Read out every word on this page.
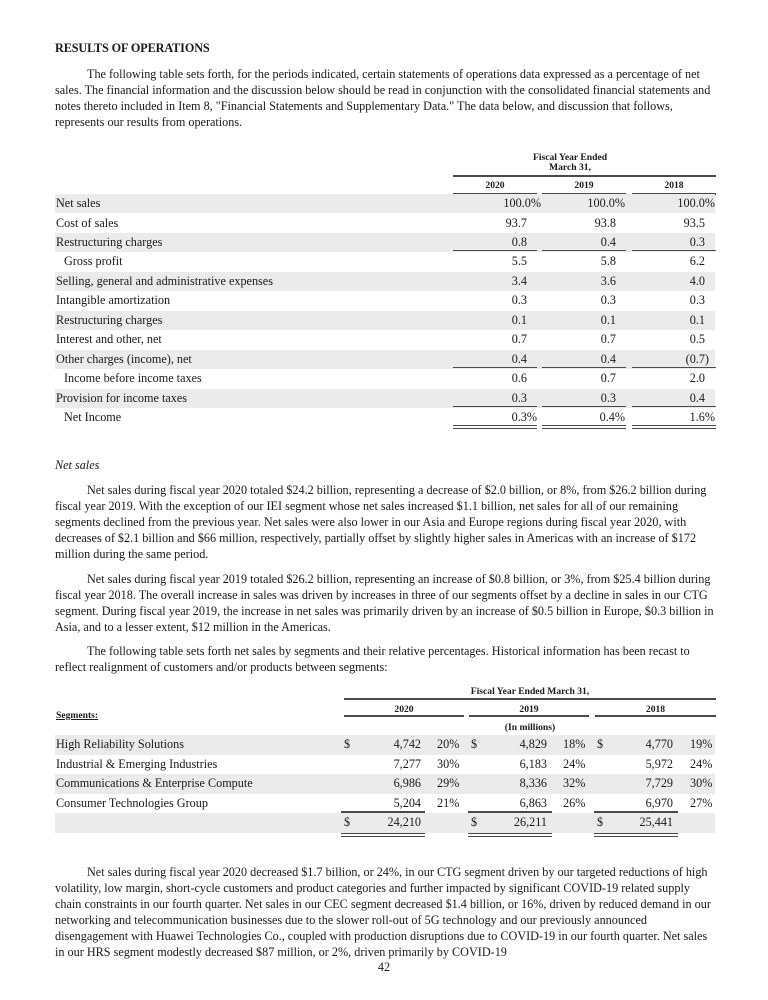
RESULTS OF OPERATIONS
The following table sets forth, for the periods indicated, certain statements of operations data expressed as a percentage of net sales. The financial information and the discussion below should be read in conjunction with the consolidated financial statements and notes thereto included in Item 8, "Financial Statements and Supplementary Data." The data below, and discussion that follows, represents our results from operations.
Fiscal Year Ended
March 31,
2020	2019	2018
Net sales	100.0%	100.0%	100.0%
Cost of sales	93.7	93.8	93.5
Restructuring charges	0.8	0.4	0.3
Gross profit	5.5	5.8	6.2
Selling, general and administrative expenses	3.4	3.6	4.0
Intangible amortization	0.3	0.3	0.3
Restructuring charges	0.1	0.1	0.1
Interest and other, net	0.7	0.7	0.5
Other charges (income), net	0.4	0.4	(0.7)
Income before income taxes	0.6	0.7	2.0
Provision for income taxes	0.3	0.3	0.4
Net Income	0.3%	0.4%	1.6%
Net sales
Net sales during fiscal year 2020 totaled $24.2 billion, representing a decrease of $2.0 billion, or 8%, from $26.2 billion during fiscal year 2019. With the exception of our IEI segment whose net sales increased $1.1 billion, net sales for all of our remaining segments declined from the previous year. Net sales were also lower in our Asia and Europe regions during fiscal year 2020, with decreases of $2.1 billion and $66 million, respectively, partially offset by slightly higher sales in Americas with an increase of $172 million during the same period.
Net sales during fiscal year 2019 totaled $26.2 billion, representing an increase of $0.8 billion, or 3%, from $25.4 billion during fiscal year 2018. The overall increase in sales was driven by increases in three of our segments offset by a decline in sales in our CTG segment. During fiscal year 2019, the increase in net sales was primarily driven by an increase of $0.5 billion in Europe, $0.3 billion in Asia, and to a lesser extent, $12 million in the Americas.
The following table sets forth net sales by segments and their relative percentages. Historical information has been recast to reflect realignment of customers and/or products between segments:
Fiscal Year Ended March 31,
Segments:
2020	2019	2018
(In millions)
High Reliability Solutions	$	4,742 20% $	4,829 18% $	4,770 19%
Industrial & Emerging Industries	7,277 30%	6,183 24%	5,972 24%
Communications & Enterprise Compute	6,986 29%	8,336 32%	7,729 30%
Consumer Technologies Group	5,204 21%	6,863 26%	6,970 27%
$	24,210	$	26,211	$	25,441
Net sales during fiscal year 2020 decreased $1.7 billion, or 24%, in our CTG segment driven by our targeted reductions of high volatility, low margin, short-cycle customers and product categories and further impacted by significant COVID-19 related supply chain constraints in our fourth quarter. Net sales in our CEC segment decreased $1.4 billion, or 16%, driven by reduced demand in our networking and telecommunication businesses due to the slower roll-out of 5G technology and our previously announced disengagement with Huawei Technologies Co., coupled with production disruptions due to COVID-19 in our fourth quarter. Net sales in our HRS segment modestly decreased $87 million, or 2%, driven primarily by COVID-19
42
